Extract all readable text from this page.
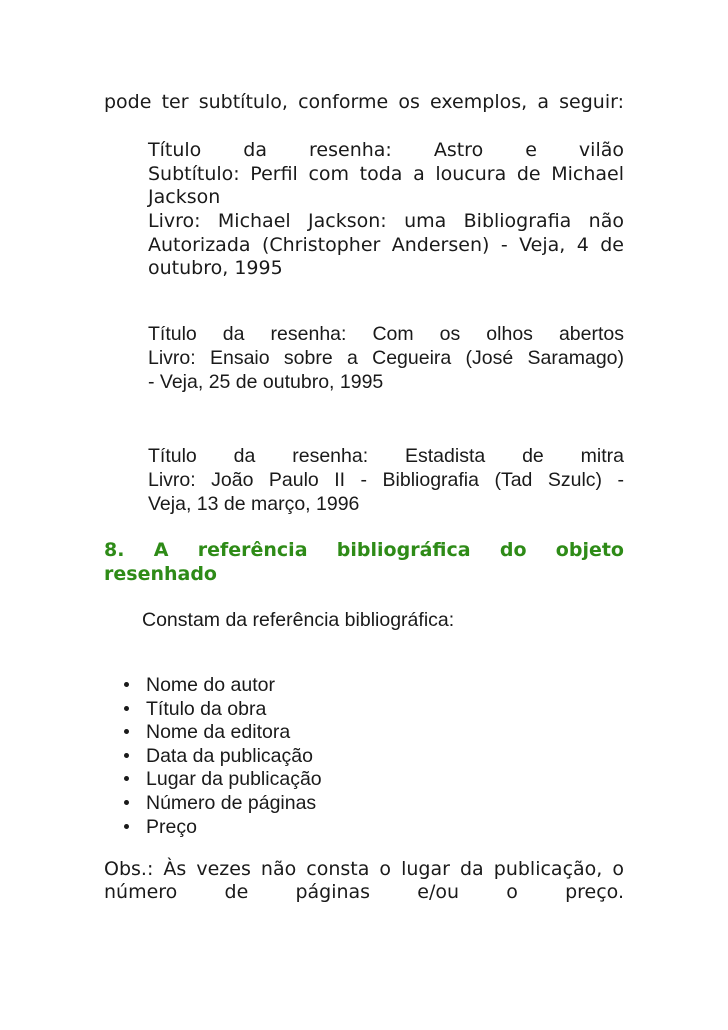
pode ter subtítulo, conforme os exemplos, a seguir:
Título da resenha: Astro e vilão
Subtítulo: Perfil com toda a loucura de Michael
Jackson
Livro: Michael Jackson: uma Bibliografia não
Autorizada (Christopher Andersen) - Veja, 4 de
outubro, 1995
Título da resenha: Com os olhos abertos
Livro: Ensaio sobre a Cegueira (José Saramago)
- Veja, 25 de outubro, 1995
Título da resenha: Estadista de mitra
Livro: João Paulo II - Bibliografia (Tad Szulc) -
Veja, 13 de março, 1996
8. A referência bibliográfica do objeto
resenhado
Constam da referência bibliográfica:
Nome do autor
Título da obra
Nome da editora
Data da publicação
Lugar da publicação
Número de páginas
Preço
Obs.: Às vezes não consta o lugar da publicação, o
número de páginas e/ou o preço.
